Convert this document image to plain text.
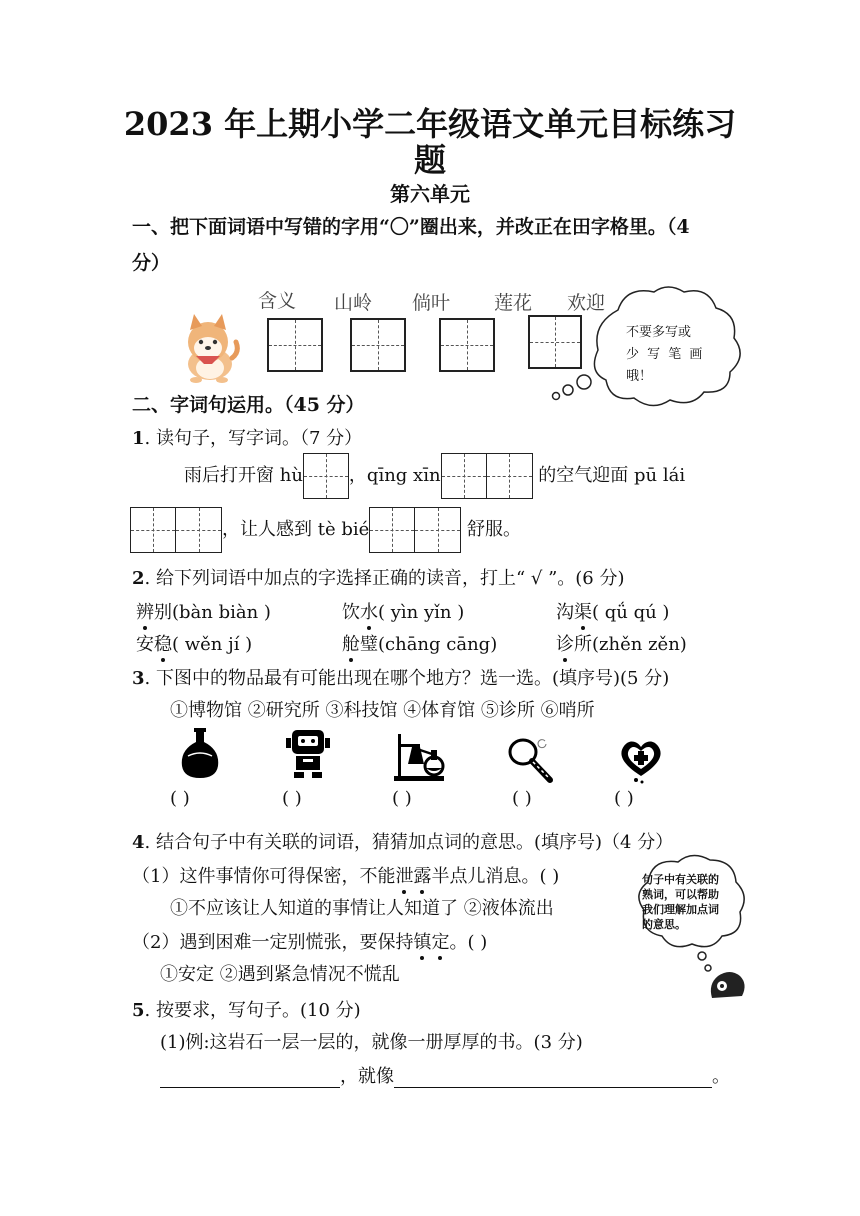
2023 年上期小学二年级语文单元目标练习
题
第六单元
一、把下面词语中写错的字用“〇”圈出来，并改正在田字格里。（4
分）
含义 山岭 倘叶 莲花 欢迎
不要多写或
少 写 笔 画
哦！
二、字词句运用。（45 分）
1. 读句子，写字词。（7 分）
雨后打开窗 hù	，qīng xīn	的空气迎面 pū lái
，让人感到 tè bié	舒服。
2. 给下列词语中加点的字选择正确的读音，打上“ √ ”。(6 分)
辨别(bàn biàn )	饮水( yìn yǐn )	沟渠( qǘ qú )
安稳( wěn jí )	舱璧(chāng cāng)	诊所(zhěn zěn)
3. 下图中的物品最有可能出现在哪个地方？选一选。(填序号)(5 分)
①博物馆 ②研究所 ③科技馆 ④体育馆 ⑤诊所 ⑥哨所
( )	( )	( )	( )	( )
4. 结合句子中有关联的词语，猜猜加点词的意思。(填序号)（4 分）
（1）这件事情你可得保密，不能泄露半点儿消息。( )
①不应该让人知道的事情让人知道了 ②液体流出
（2）遇到困难一定别慌张，要保持镇定。( )
①安定 ②遇到紧急情况不慌乱
句子中有关联的
熟词，可以帮助
我们理解加点词
的意思。
5. 按要求，写句子。(10 分)
(1)例:这岩石一层一层的，就像一册厚厚的书。(3 分)
，就像	。
